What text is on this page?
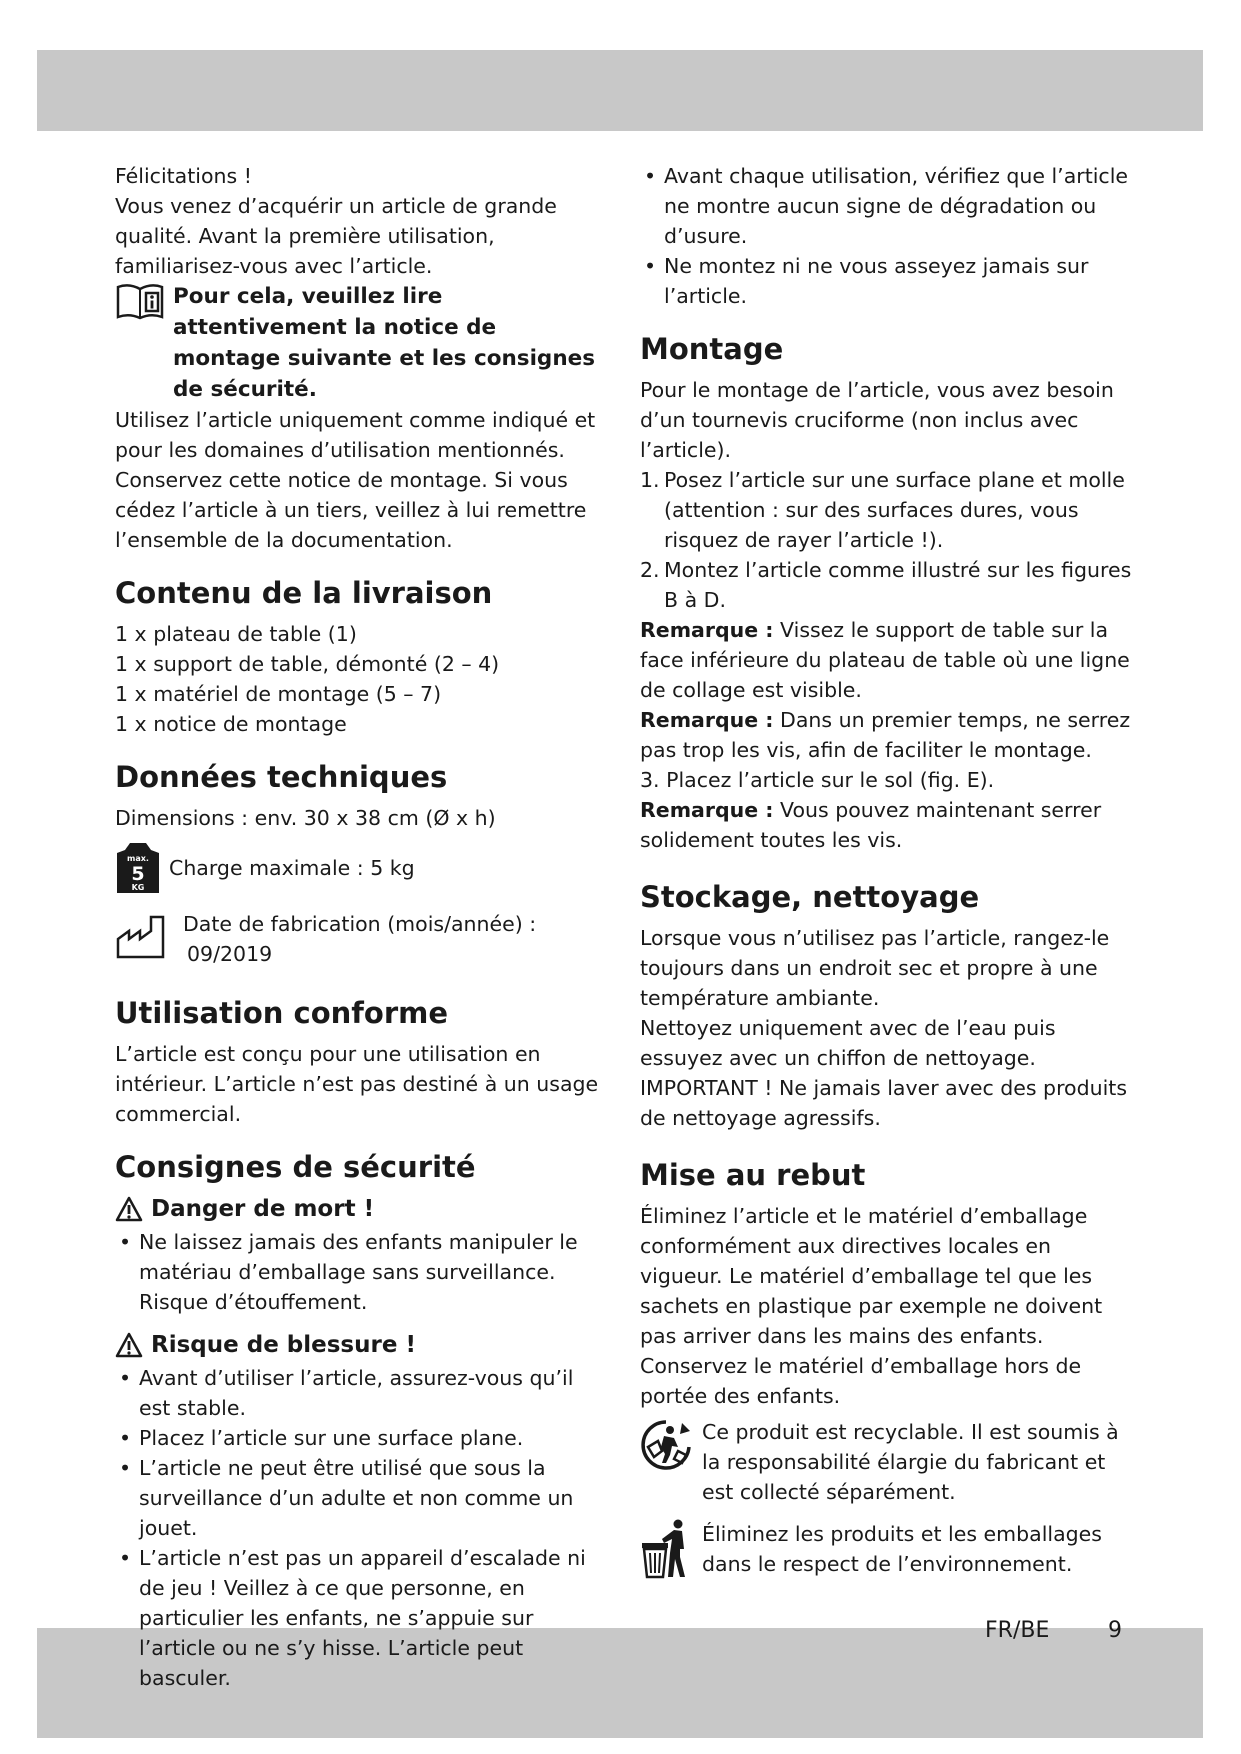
FR/BE	9

Félicitations !

Vous venez d’acquérir un article de grande qualité. Avant la première utilisation, familiarisez-vous avec l’article.

Pour cela, veuillez lire attentivement la notice de montage suivante et les consignes de sécurité.

Utilisez l’article uniquement comme indiqué et pour les domaines d’utilisation mentionnés. Conservez cette notice de montage. Si vous cédez l’article à un tiers, veillez à lui remettre l’ensemble de la documentation.

Contenu de la livraison

1 x plateau de table (1)

1 x support de table, démonté (2 – 4)

1 x matériel de montage (5 – 7)

1 x notice de montage

Données techniques

Dimensions : env. 30 x 38 cm (Ø x h)

max.
5
KG

Charge maximale : 5 kg

Date de fabrication (mois/année) :

09/2019

Utilisation conforme

L’article est conçu pour une utilisation en intérieur. L’article n’est pas destiné à un usage commercial.

Consignes de sécurité
Danger de mort !
• Ne laissez jamais des enfants manipuler le matériau d’emballage sans surveillance. Risque d’étouffement.
Risque de blessure !
• Avant d’utiliser l’article, assurez-vous qu’il est stable.
• Placez l’article sur une surface plane.
• L’article ne peut être utilisé que sous la surveillance d’un adulte et non comme un jouet.
• L’article n’est pas un appareil d’escalade ni de jeu ! Veillez à ce que personne, en particulier les enfants, ne s’appuie sur l’article ou ne s’y hisse. L’article peut basculer.
• Avant chaque utilisation, vérifiez que l’article ne montre aucun signe de dégradation ou d’usure.
• Ne montez ni ne vous asseyez jamais sur l’article.
Montage

Pour le montage de l’article, vous avez besoin d’un tournevis cruciforme (non inclus avec l’article).

1. Posez l’article sur une surface plane et molle (attention : sur des surfaces dures, vous risquez de rayer l’article !).
2. Montez l’article comme illustré sur les figures B à D.

Remarque : Vissez le support de table sur la face inférieure du plateau de table où une ligne de collage est visible.

Remarque : Dans un premier temps, ne serrez pas trop les vis, afin de faciliter le montage.

3. Placez l’article sur le sol (fig. E).

Remarque : Vous pouvez maintenant serrer solidement toutes les vis.

Stockage, nettoyage

Lorsque vous n’utilisez pas l’article, rangez-le toujours dans un endroit sec et propre à une température ambiante.

Nettoyez uniquement avec de l’eau puis essuyez avec un chiffon de nettoyage.

IMPORTANT ! Ne jamais laver avec des produits de nettoyage agressifs.

Mise au rebut

Éliminez l’article et le matériel d’emballage conformément aux directives locales en vigueur. Le matériel d’emballage tel que les sachets en plastique par exemple ne doivent pas arriver dans les mains des enfants. Conservez le matériel d’emballage hors de portée des enfants.

Ce produit est recyclable. Il est soumis à la responsabilité élargie du fabricant et est collecté séparément.

Éliminez les produits et les emballages dans le respect de l’environnement.
